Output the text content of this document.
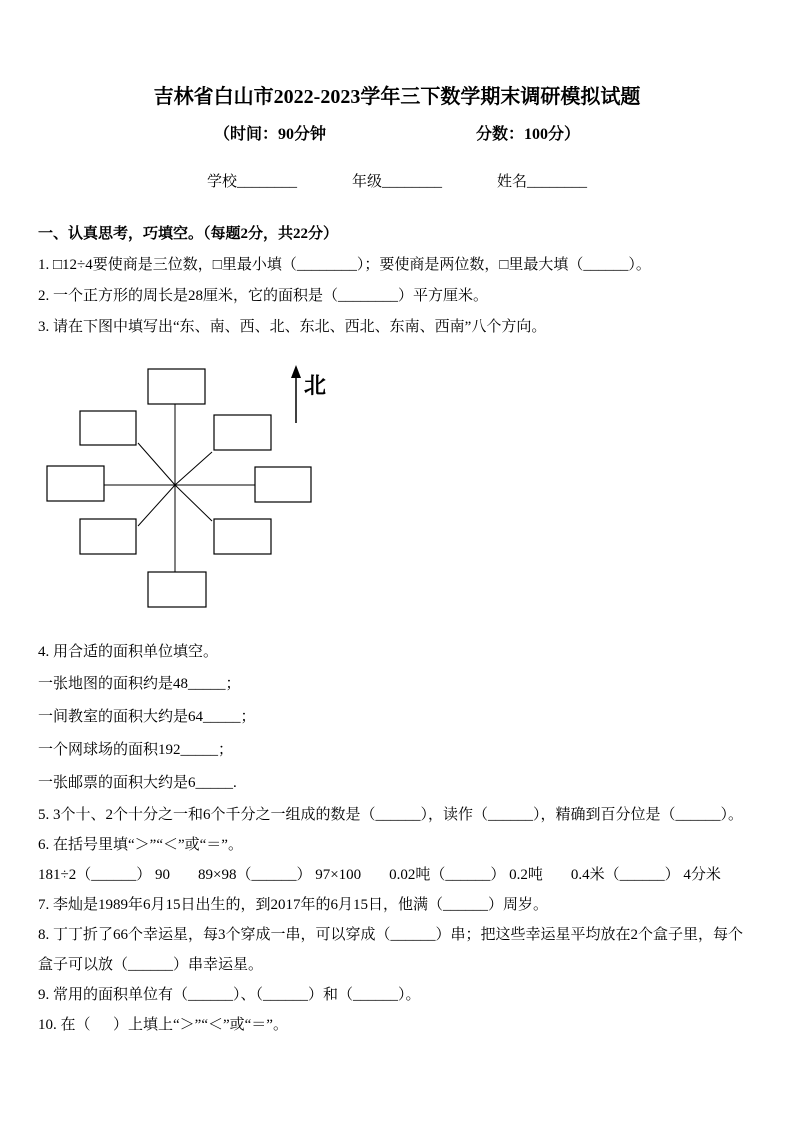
吉林省白山市2022-2023学年三下数学期末调研模拟试题
（时间：90分钟	分数：100分）
学校________	年级________	姓名________

一、认真思考，巧填空。（每题2分，共22分）

1. □12÷4要使商是三位数，□里最小填（________）；要使商是两位数，□里最大填（______）。

2. 一个正方形的周长是28厘米，它的面积是（________）平方厘米。

3. 请在下图中填写出“东、南、西、北、东北、西北、东南、西南”八个方向。

北

4. 用合适的面积单位填空。

一张地图的面积约是48_____；

一间教室的面积大约是64_____；

一个网球场的面积192_____；

一张邮票的面积大约是6_____.

5. 3个十、2个十分之一和6个千分之一组成的数是（______），读作（______），精确到百分位是（______）。

6. 在括号里填“＞”“＜”或“＝”。

181÷2（______） 90 89×98（______） 97×100 0.02吨（______） 0.2吨 0.4米（______） 4分米

7. 李灿是1989年6月15日出生的，到2017年的6月15日，他满（______）周岁。

8. 丁丁折了66个幸运星，每3个穿成一串，可以穿成（______）串；把这些幸运星平均放在2个盒子里，每个盒子可以放（______）串幸运星。

9. 常用的面积单位有（______）、（______）和（______）。

10. 在（      ）上填上“＞”“＜”或“＝”。
